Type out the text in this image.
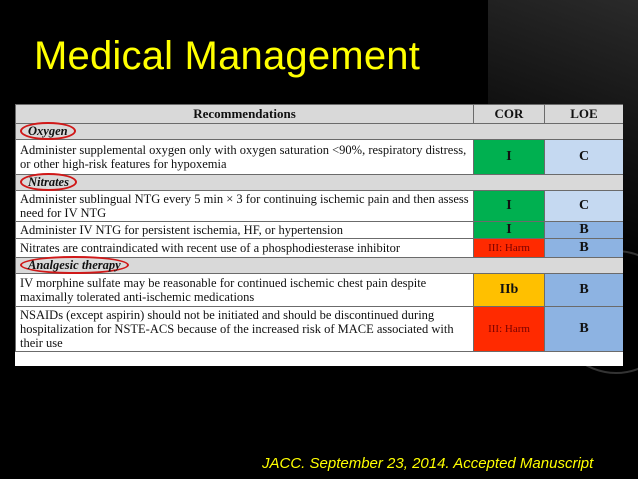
Medical Management
Recommendations	COR	LOE
Oxygen		
Administer supplemental oxygen only with oxygen saturation <90%, respiratory distress, or other high-risk features for hypoxemia	I	C
Nitrates		
Administer sublingual NTG every 5 min × 3 for continuing ischemic pain and then assess need for IV NTG	I	C
Administer IV NTG for persistent ischemia, HF, or hypertension	I	B
Nitrates are contraindicated with recent use of a phosphodiesterase inhibitor	III: Harm	B
Analgesic therapy		
IV morphine sulfate may be reasonable for continued ischemic chest pain despite maximally tolerated anti-ischemic medications	IIb	B
NSAIDs (except aspirin) should not be initiated and should be discontinued during hospitalization for NSTE-ACS because of the increased risk of MACE associated with their use	III: Harm	B
JACC. September 23, 2014. Accepted Manuscript
